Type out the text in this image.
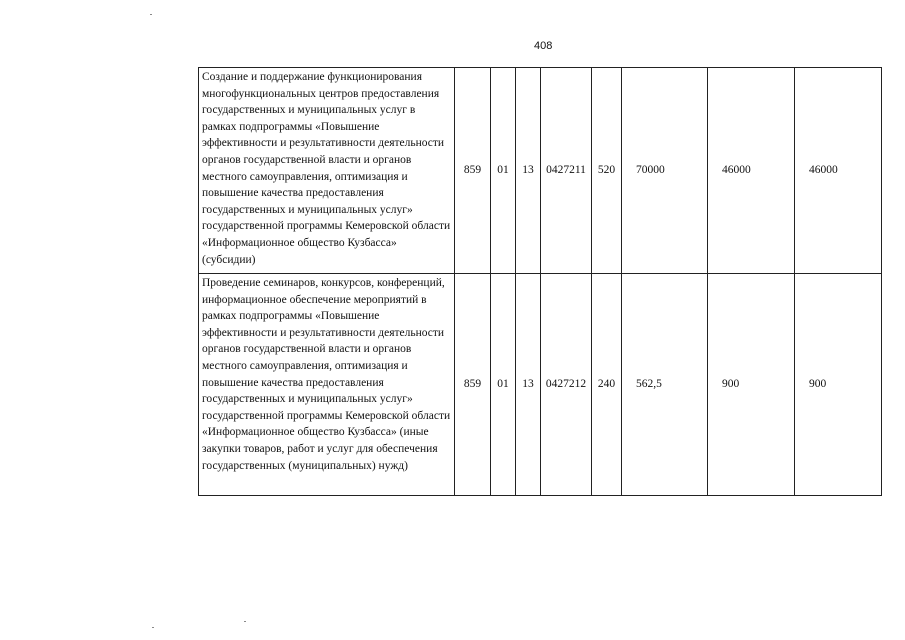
408
Создание и поддержание функционирования многофункциональных центров предоставления государственных и муниципальных услуг в рамках подпрограммы «Повышение эффективности и результативности деятельности органов государственной власти и органов местного самоуправления, оптимизация и повышение качества предоставления государственных и муниципальных услуг» государственной программы Кемеровской области «Информационное общество Кузбасса» (субсидии)	859	01	13	0427211	520	70000	46000	46000
Проведение семинаров, конкурсов, конференций, информационное обеспечение мероприятий в рамках подпрограммы «Повышение эффективности и результативности деятельности органов государственной власти и органов местного самоуправления, оптимизация и повышение качества предоставления государственных и муниципальных услуг» государственной программы Кемеровской области «Информационное общество Кузбасса» (иные закупки товаров, работ и услуг для обеспечения государственных (муниципальных) нужд)	859	01	13	0427212	240	562,5	900	900
